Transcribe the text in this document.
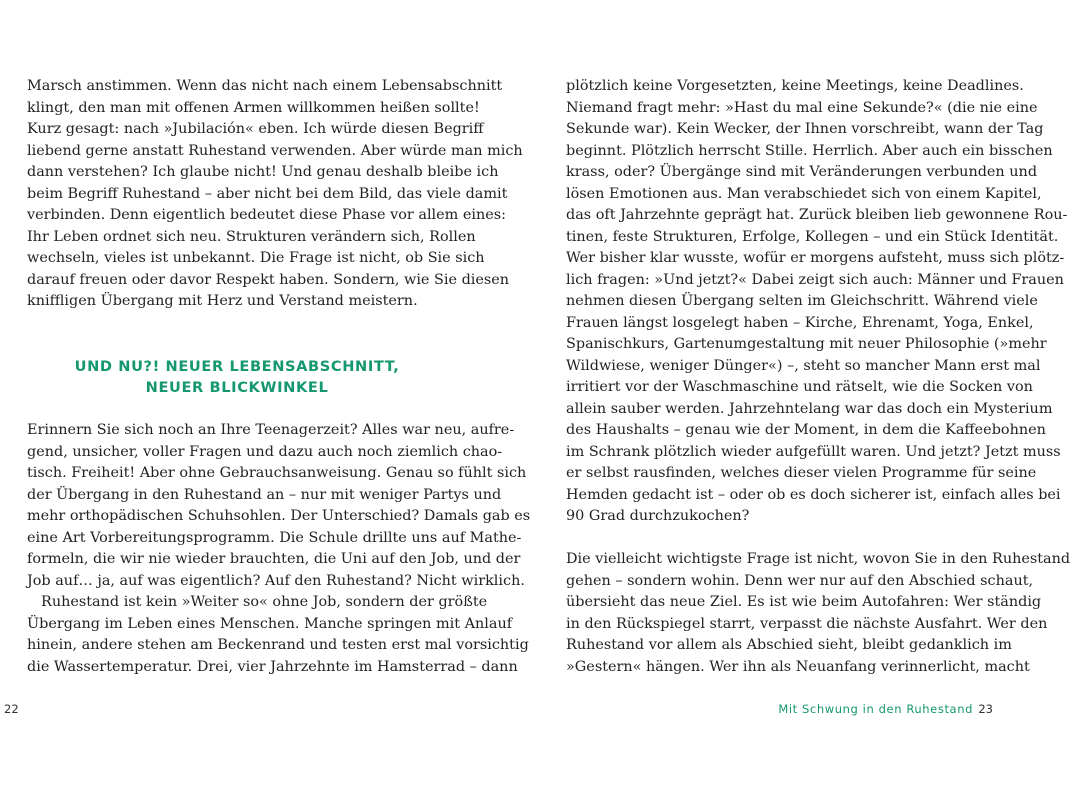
Marsch anstimmen. Wenn das nicht nach einem Lebensabschnitt
klingt, den man mit offenen Armen willkommen heißen sollte!
Kurz gesagt: nach »Jubilación« eben. Ich würde diesen Begriff
liebend gerne anstatt Ruhestand verwenden. Aber würde man mich
dann verstehen? Ich glaube nicht! Und genau deshalb bleibe ich
beim Begriff Ruhestand – aber nicht bei dem Bild, das viele damit
verbinden. Denn eigentlich bedeutet diese Phase vor allem eines:
Ihr Leben ordnet sich neu. Strukturen verändern sich, Rollen
wechseln, vieles ist unbekannt. Die Frage ist nicht, ob Sie sich
darauf freuen oder davor Respekt haben. Sondern, wie Sie diesen
kniffligen Übergang mit Herz und Verstand meistern.
UND NU?! NEUER LEBENSABSCHNITT,
NEUER BLICKWINKEL
Erinnern Sie sich noch an Ihre Teenagerzeit? Alles war neu, aufre-
gend, unsicher, voller Fragen und dazu auch noch ziemlich chao-
tisch. Freiheit! Aber ohne Gebrauchsanweisung. Genau so fühlt sich
der Übergang in den Ruhestand an – nur mit weniger Partys und
mehr orthopädischen Schuhsohlen. Der Unterschied? Damals gab es
eine Art Vorbereitungsprogramm. Die Schule drillte uns auf Mathe-
formeln, die wir nie wieder brauchten, die Uni auf den Job, und der
Job auf… ja, auf was eigentlich? Auf den Ruhestand? Nicht wirklich.
Ruhestand ist kein »Weiter so« ohne Job, sondern der größte
Übergang im Leben eines Menschen. Manche springen mit Anlauf
hinein, andere stehen am Beckenrand und testen erst mal vorsichtig
die Wassertemperatur. Drei, vier Jahrzehnte im Hamsterrad – dann
22
plötzlich keine Vorgesetzten, keine Meetings, keine Deadlines.
Niemand fragt mehr: »Hast du mal eine Sekunde?« (die nie eine
Sekunde war). Kein Wecker, der Ihnen vorschreibt, wann der Tag
beginnt. Plötzlich herrscht Stille. Herrlich. Aber auch ein bisschen
krass, oder? Übergänge sind mit Veränderungen verbunden und
lösen Emotionen aus. Man verabschiedet sich von einem Kapitel,
das oft Jahrzehnte geprägt hat. Zurück bleiben lieb gewonnene Rou-
tinen, feste Strukturen, Erfolge, Kollegen – und ein Stück Identität.
Wer bisher klar wusste, wofür er morgens aufsteht, muss sich plötz-
lich fragen: »Und jetzt?« Dabei zeigt sich auch: Männer und Frauen
nehmen diesen Übergang selten im Gleichschritt. Während viele
Frauen längst losgelegt haben – Kirche, Ehrenamt, Yoga, Enkel,
Spanischkurs, Gartenumgestaltung mit neuer Philosophie (»mehr
Wildwiese, weniger Dünger«) –, steht so mancher Mann erst mal
irritiert vor der Waschmaschine und rätselt, wie die Socken von
allein sauber werden. Jahrzehntelang war das doch ein Mysterium
des Haushalts – genau wie der Moment, in dem die Kaffeebohnen
im Schrank plötzlich wieder aufgefüllt waren. Und jetzt? Jetzt muss
er selbst rausfinden, welches dieser vielen Programme für seine
Hemden gedacht ist – oder ob es doch sicherer ist, einfach alles bei
90 Grad durchzukochen?
Die vielleicht wichtigste Frage ist nicht, wovon Sie in den Ruhestand
gehen – sondern wohin. Denn wer nur auf den Abschied schaut,
übersieht das neue Ziel. Es ist wie beim Autofahren: Wer ständig
in den Rückspiegel starrt, verpasst die nächste Ausfahrt. Wer den
Ruhestand vor allem als Abschied sieht, bleibt gedanklich im
»Gestern« hängen. Wer ihn als Neuanfang verinnerlicht, macht
Mit Schwung in den Ruhestand 23
